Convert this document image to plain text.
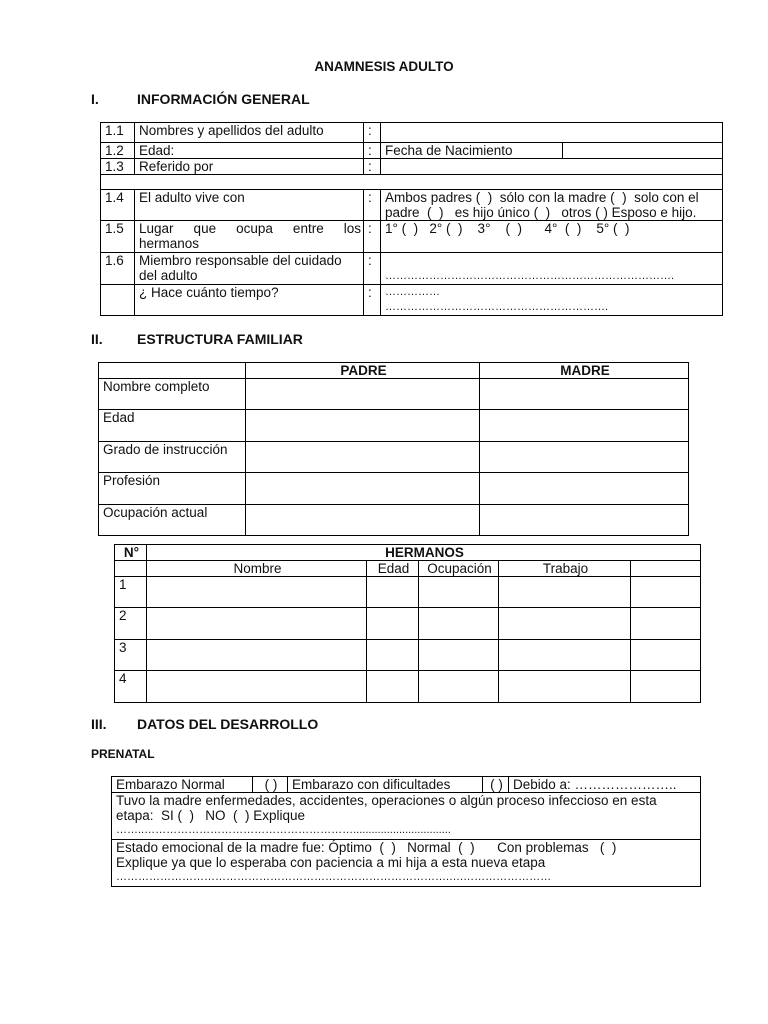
ANAMNESIS ADULTO
I.	INFORMACIÓN GENERAL
1.1	Nombres y apellidos del adulto	:		
1.2	Edad:	:	Fecha de Nacimiento	
1.3	Referido por	:		

1.4	El adulto vive con	:	Ambos padres (  )  sólo con la madre (  )  solo con el
padre  (  )   es hijo único (  )   otros ( ) Esposo e hijo.	

1.5	Lugar que ocupa entre los
hermanos	:	1° (  )   2° (  )    3°    (  )      4°  (  )    5° (  )	
1.6	Miembro responsable del cuidado
del adulto	:	…………………………………………………………………….	
	¿ Hace cuánto tiempo?	:	……………
…………………………………………………….	
II. ESTRUCTURA FAMILIAR
	PADRE	MADRE
Nombre completo		
Edad		
Grado de instrucción		
Profesión		
Ocupación actual		
N°	HERMANOS				
	Nombre	Edad	Ocupación	Trabajo	
1					
2					
3					
4					
III. DATOS DEL DESARROLLO
PRENATAL
Embarazo Normal	( )	Embarazo con dificultades	( )	Debido a: …………………..

Tuvo la madre enfermedades, accidentes, operaciones o algún proceso infeccioso en esta
etapa:  SI (  )   NO  (  ) Explique
……..…………………………………………………................................

Estado emocional de la madre fue: Óptimo  (  )   Normal  (  )      Con problemas   (  )
Explique ya que lo esperaba con paciencia a mi hija a esta nueva etapa
……………………………………………………………………………….….……………………
